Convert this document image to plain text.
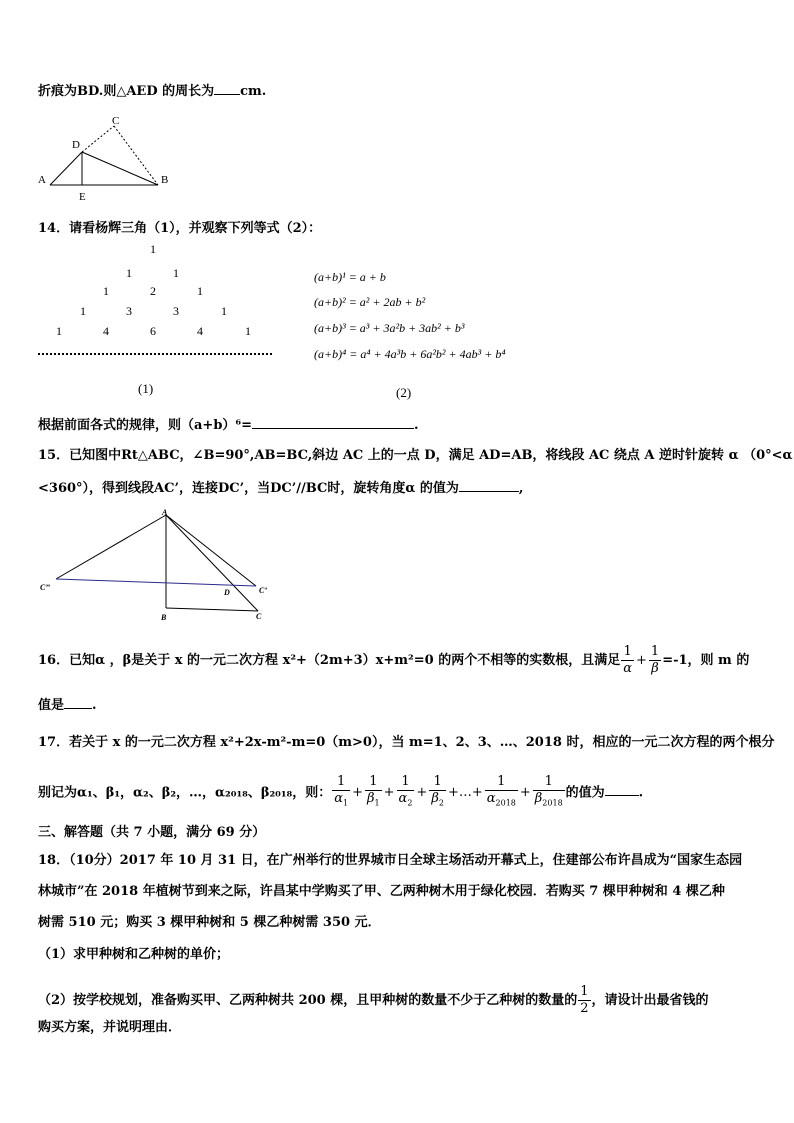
折痕为BD.则△AED 的周长为 cm.
A	B
C
D
E
14．请看杨辉三角（1），并观察下列等式（2）：
1
1	1
1	2	1
1	3	3	1
1	4	6	4	1
(a+b)¹ = a + b
(a+b)² = a² + 2ab + b²
(a+b)³ = a³ + 3a²b + 3ab² + b³
(a+b)⁴ = a⁴ + 4a³b + 6a²b² + 4ab³ + b⁴
(1)	(2)
根据前面各式的规律，则（a+b）⁶=	.
15．已知图中Rt△ABC，∠B=90°,AB=BC,斜边 AC 上的一点 D，满足 AD=AB，将线段 AC 绕点 A 逆时针旋转 α （0°<α
<360°），得到线段AC’，连接DC’，当DC’//BC时，旋转角度α 的值为	,
A
B	C
D	C’
C’’
16．已知α ，β是关于 x 的一元二次方程 x²+（2m+3）x+m²=0 的两个不相等的实数根，且满足 $\frac{1}{\alpha} + \frac{1}{\beta} =-1$，则 m 的
值是 .
17．若关于 x 的一元二次方程 x²+2x-m²-m=0（m>0），当 m=1、2、3、…、2018 时，相应的一元二次方程的两个根分
别记为α₁、β₁，α₂、β₂，…，α₂₀₁₈、β₂₀₁₈，则： $\frac{1}{\alpha_1} + \frac{1}{\beta_1} + \frac{1}{\alpha_2} + \frac{1}{\beta_2}$ +…+ $\frac{1}{\alpha_{2018}} + \frac{1}{\beta_{2018}}$ 的值为	.
三、解答题（共 7 小题，满分 69 分）
18．（10分）2017 年 10 月 31 日，在广州举行的世界城市日全球主场活动开幕式上，住建部公布许昌成为“国家生态园
林城市”在 2018 年植树节到来之际，许昌某中学购买了甲、乙两种树木用于绿化校园．若购买 7 棵甲种树和 4 棵乙种
树需 510 元；购买 3 棵甲种树和 5 棵乙种树需 350 元．
（1）求甲种树和乙种树的单价；
（2）按学校规划，准备购买甲、乙两种树共 200 棵，且甲种树的数量不少于乙种树的数量的 $\frac{1}{2}$ ，请设计出最省钱的
购买方案，并说明理由．
